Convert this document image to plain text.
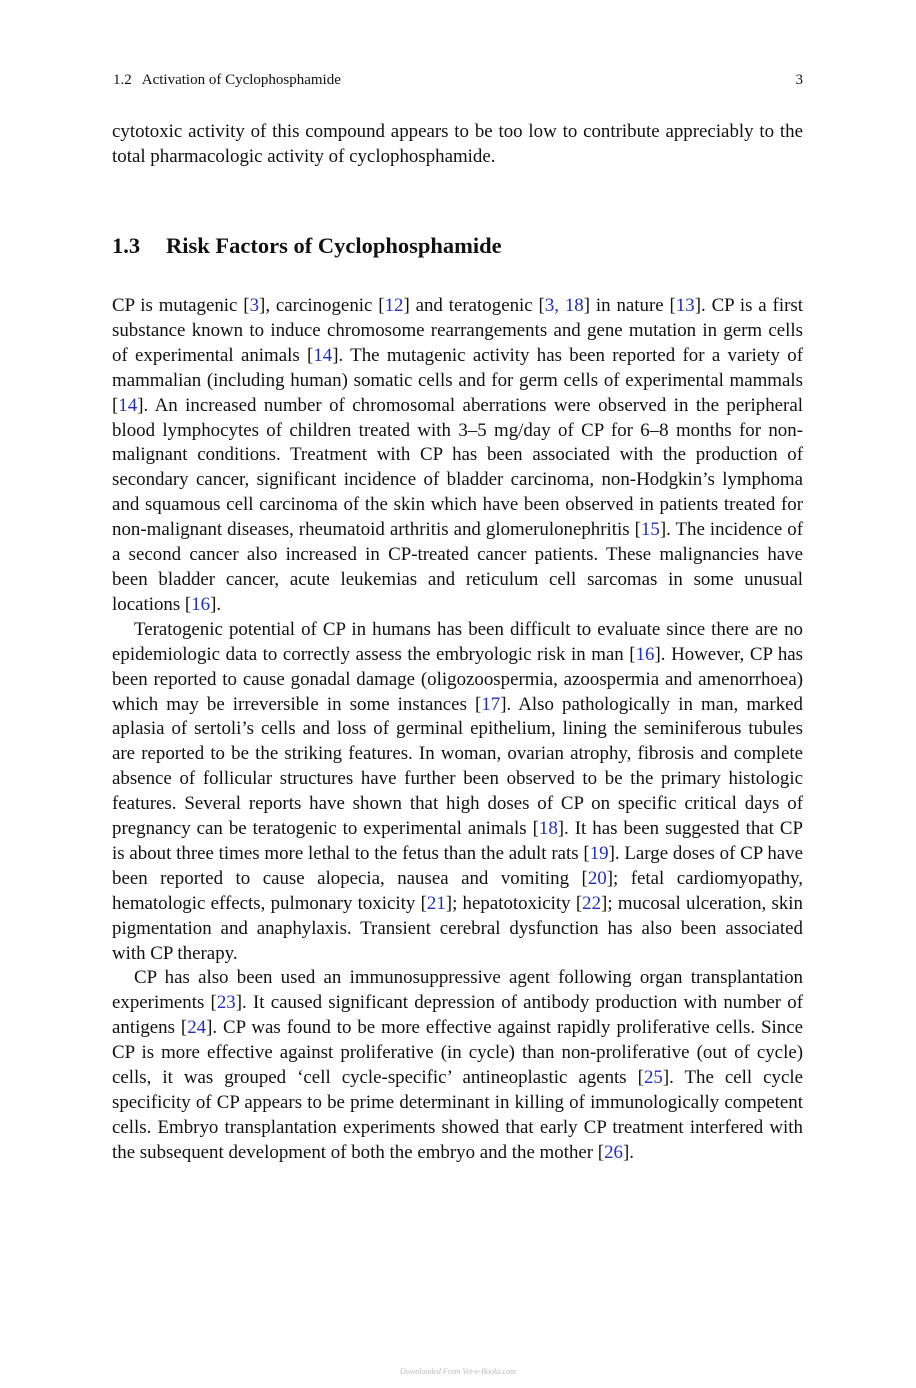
1.2 Activation of Cyclophosphamide	3

cytotoxic activity of this compound appears to be too low to contribute appreciably to the total pharmacologic activity of cyclophosphamide.

1.3 Risk Factors of Cyclophosphamide

CP is mutagenic [3], carcinogenic [12] and teratogenic [3, 18] in nature [13]. CP is a first substance known to induce chromosome rearrangements and gene mutation in germ cells of experimental animals [14]. The mutagenic activity has been reported for a variety of mammalian (including human) somatic cells and for germ cells of experimental mammals [14]. An increased number of chromosomal aberrations were observed in the peripheral blood lymphocytes of children treated with 3–5 mg/day of CP for 6–8 months for non-malignant conditions. Treatment with CP has been associated with the production of secondary cancer, significant incidence of bladder carcinoma, non-Hodgkin’s lymphoma and squamous cell carcinoma of the skin which have been observed in patients treated for non-malignant diseases, rheumatoid arthritis and glomerulonephritis [15]. The incidence of a second cancer also increased in CP-treated cancer patients. These malignancies have been bladder cancer, acute leukemias and reticulum cell sarcomas in some unusual locations [16].

Teratogenic potential of CP in humans has been difficult to evaluate since there are no epidemiologic data to correctly assess the embryologic risk in man [16]. However, CP has been reported to cause gonadal damage (oligozoospermia, azoospermia and amenorrhoea) which may be irreversible in some instances [17]. Also pathologically in man, marked aplasia of sertoli’s cells and loss of germinal epithelium, lining the seminiferous tubules are reported to be the striking features. In woman, ovarian atrophy, fibrosis and complete absence of follicular structures have further been observed to be the primary histologic features. Several reports have shown that high doses of CP on specific critical days of pregnancy can be teratogenic to experimental animals [18]. It has been suggested that CP is about three times more lethal to the fetus than the adult rats [19]. Large doses of CP have been reported to cause alopecia, nausea and vomiting [20]; fetal cardiomyopathy, hematologic effects, pulmonary toxicity [21]; hepatotoxicity [22]; mucosal ulceration, skin pigmentation and anaphylaxis. Transient cerebral dysfunction has also been associated with CP therapy.

CP has also been used an immunosuppressive agent following organ transplantation experiments [23]. It caused significant depression of antibody production with number of antigens [24]. CP was found to be more effective against rapidly proliferative cells. Since CP is more effective against proliferative (in cycle) than non-proliferative (out of cycle) cells, it was grouped ‘cell cycle-specific’ antineoplastic agents [25]. The cell cycle specificity of CP appears to be prime determinant in killing of immunologically competent cells. Embryo transplantation experiments showed that early CP treatment interfered with the subsequent development of both the embryo and the mother [26].

Downloaded From Vet-e-Books.com
